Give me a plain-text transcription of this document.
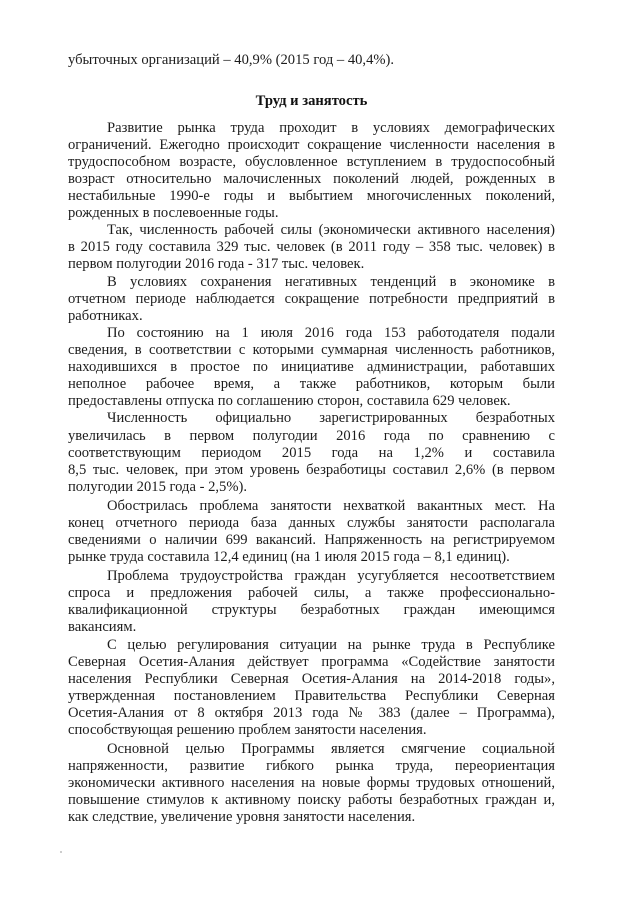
убыточных организаций – 40,9% (2015 год – 40,4%).
Труд и занятость
Развитие рынка труда проходит в условиях демографических
ограничений. Ежегодно происходит сокращение численности населения в
трудоспособном возрасте, обусловленное вступлением в трудоспособный
возраст относительно малочисленных поколений людей, рожденных в
нестабильные 1990-е годы и выбытием многочисленных поколений,
рожденных в послевоенные годы.
Так, численность рабочей силы (экономически активного населения)
в 2015 году составила 329 тыс. человек (в 2011 году – 358 тыс. человек) в
первом полугодии 2016 года - 317 тыс. человек.
В условиях сохранения негативных тенденций в экономике в
отчетном периоде наблюдается сокращение потребности предприятий в
работниках.
По состоянию на 1 июля 2016 года 153 работодателя подали
сведения, в соответствии с которыми суммарная численность работников,
находившихся в простое по инициативе администрации, работавших
неполное рабочее время, а также работников, которым были
предоставлены отпуска по соглашению сторон, составила 629 человек.
Численность официально зарегистрированных безработных
увеличилась в первом полугодии 2016 года по сравнению с
соответствующим периодом 2015 года на 1,2% и составила
8,5 тыс. человек, при этом уровень безработицы составил 2,6% (в первом
полугодии 2015 года - 2,5%).
Обострилась проблема занятости нехваткой вакантных мест. На
конец отчетного периода база данных службы занятости располагала
сведениями о наличии 699 вакансий. Напряженность на регистрируемом
рынке труда составила 12,4 единиц (на 1 июля 2015 года – 8,1 единиц).
Проблема трудоустройства граждан усугубляется несоответствием
спроса и предложения рабочей силы, а также профессионально-
квалификационной структуры безработных граждан имеющимся
вакансиям.
С целью регулирования ситуации на рынке труда в Республике
Северная Осетия-Алания действует программа «Содействие занятости
населения Республики Северная Осетия-Алания на 2014-2018 годы»,
утвержденная постановлением Правительства Республики Северная
Осетия-Алания от 8 октября 2013 года № 383 (далее – Программа),
способствующая решению проблем занятости населения.
Основной целью Программы является смягчение социальной
напряженности, развитие гибкого рынка труда, переориентация
экономически активного населения на новые формы трудовых отношений,
повышение стимулов к активному поиску работы безработных граждан и,
как следствие, увеличение уровня занятости населения.
